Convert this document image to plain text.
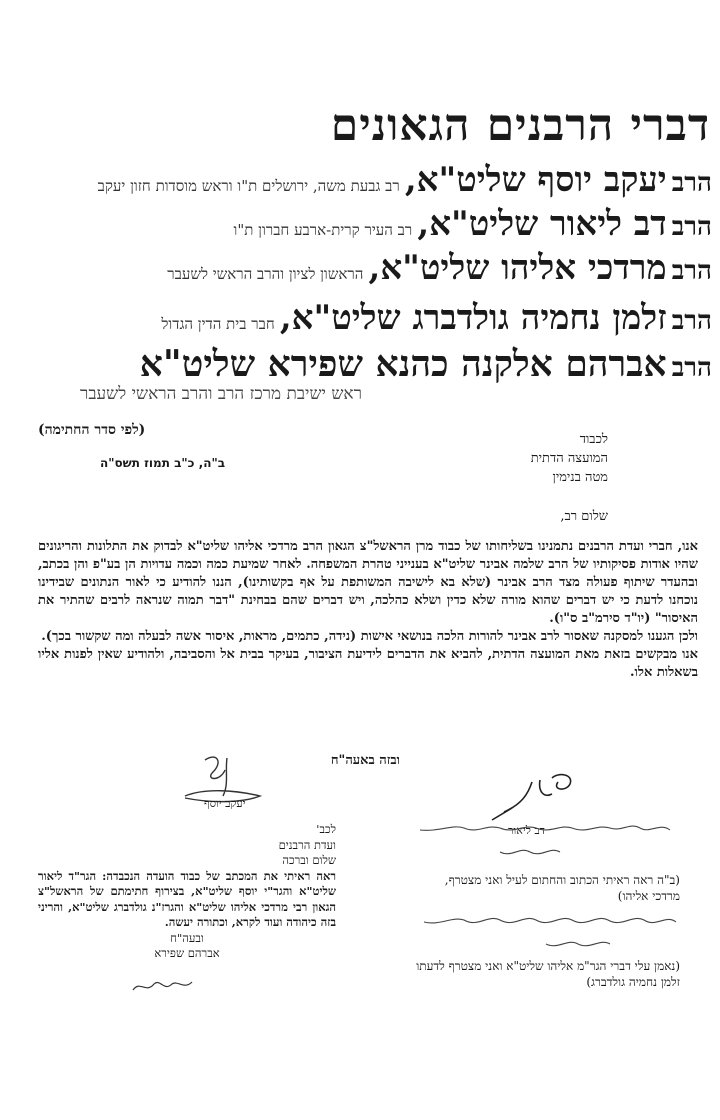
דברי הרבנים הגאונים
הרב יעקב יוסף שליט"א, רב גבעת משה, ירושלים ת"ו וראש מוסדות חזון יעקב
הרב דב ליאור שליט"א, רב העיר קרית-ארבע חברון ת"ו
הרב מרדכי אליהו שליט"א, הראשון לציון והרב הראשי לשעבר
הרב זלמן נחמיה גולדברג שליט"א, חבר בית הדין הגדול
הרב אברהם אלקנה כהנא שפירא שליט"א
ראש ישיבת מרכז הרב והרב הראשי לשעבר
(לפי סדר החתימה)
לכבוד
המועצה הדתית
מטה בנימין
ב"ה, כ"ב תמוז תשס"ה
שלום רב,

אנו, חברי ועדת הרבנים נתמנינו בשליחותו של כבוד מרן הראשל"צ הגאון הרב מרדכי אליהו שליט"א לבדוק את התלונות והריגונים שהיו אודות פסיקותיו של הרב שלמה אבינר שליט"א בענייני טהרת המשפחה. לאחר שמיעת כמה וכמה עדויות הן בע"פ והן בכתב, ובהעדר שיתוף פעולה מצד הרב אבינר (שלא בא לישיבה המשותפת על אף בקשותינו), הננו להודיע כי לאור הנתונים שבידינו נוכחנו לדעת כי יש דברים שהוא מורה שלא כדין ושלא כהלכה, ויש דברים שהם בבחינת "דבר תמוה שנראה לרבים שהתיר את האיסור" (יו"ד סירמ"ב ס"ו).

ולכן הגענו למסקנה שאסור לרב אבינר להורות הלכה בנושאי אישות (נידה, כתמים, מראות, איסור אשה לבעלה ומה שקשור בכך).

אנו מבקשים בזאת מאת המועצה הדתית, להביא את הדברים לידיעת הציבור, בעיקר בבית אל והסביבה, ולהודיע שאין לפנות אליו בשאלות אלו.

ובזה באעה"ח
יעקב יוסף
דב ליאור

לכב'

ועדת הרבנים

שלום וברכה

ראה ראיתי את המכתב של כבוד הועדה הנכבדה: הגר"ד ליאור שליט"א והגר"י יוסף שליט"א, בצירוף חתימתם של הראשל"צ הגאון רבי מרדכי אליהו שליט"א והגרז"נ גולדברג שליט"א, והריני בזה כיהודה ועוד לקרא, וכתורה יעשה.

ובעה"ח

אברהם שפירא

(ב"ה ראה ראיתי הכתוב והחתום לעיל ואני מצטרף,
מרדכי אליהו)
(נאמן עלי דברי הגר"מ אליהו שליט"א ואני מצטרף לדעתו
זלמן נחמיה גולדברג)
